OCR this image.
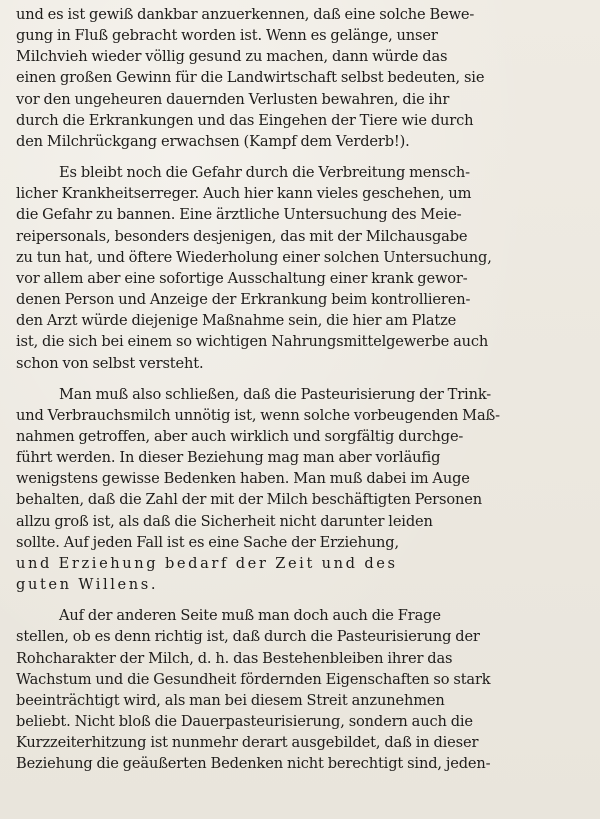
und es ist gewiß dankbar anzuerkennen, daß eine solche Bewe-
gung in Fluß gebracht worden ist. Wenn es gelänge, unser
Milchvieh wieder völlig gesund zu machen, dann würde das
einen großen Gewinn für die Landwirtschaft selbst bedeuten, sie
vor den ungeheuren dauernden Verlusten bewahren, die ihr
durch die Erkrankungen und das Eingehen der Tiere wie durch
den Milchrückgang erwachsen (Kampf dem Verderb!).

Es bleibt noch die Gefahr durch die Verbreitung mensch-
licher Krankheitserreger. Auch hier kann vieles geschehen, um
die Gefahr zu bannen. Eine ärztliche Untersuchung des Meie-
reipersonals, besonders desjenigen, das mit der Milchausgabe
zu tun hat, und öftere Wiederholung einer solchen Untersuchung,
vor allem aber eine sofortige Ausschaltung einer krank gewor-
denen Person und Anzeige der Erkrankung beim kontrollieren-
den Arzt würde diejenige Maßnahme sein, die hier am Platze
ist, die sich bei einem so wichtigen Nahrungsmittelgewerbe auch
schon von selbst versteht.

Man muß also schließen, daß die Pasteurisierung der Trink-
und Verbrauchsmilch unnötig ist, wenn solche vorbeugenden Maß-
nahmen getroffen, aber auch wirklich und sorgfältig durchge-
führt werden. In dieser Beziehung mag man aber vorläufig
wenigstens gewisse Bedenken haben. Man muß dabei im Auge
behalten, daß die Zahl der mit der Milch beschäftigten Personen
allzu groß ist, als daß die Sicherheit nicht darunter leiden
sollte. Auf jeden Fall ist es eine Sache der Erziehung,
und Erziehung bedarf der Zeit und des
guten Willens.

Auf der anderen Seite muß man doch auch die Frage
stellen, ob es denn richtig ist, daß durch die Pasteurisierung der
Rohcharakter der Milch, d. h. das Bestehenbleiben ihrer das
Wachstum und die Gesundheit fördernden Eigenschaften so stark
beeinträchtigt wird, als man bei diesem Streit anzunehmen
beliebt. Nicht bloß die Dauerpasteurisierung, sondern auch die
Kurzzeiterhitzung ist nunmehr derart ausgebildet, daß in dieser
Beziehung die geäußerten Bedenken nicht berechtigt sind, jeden-
